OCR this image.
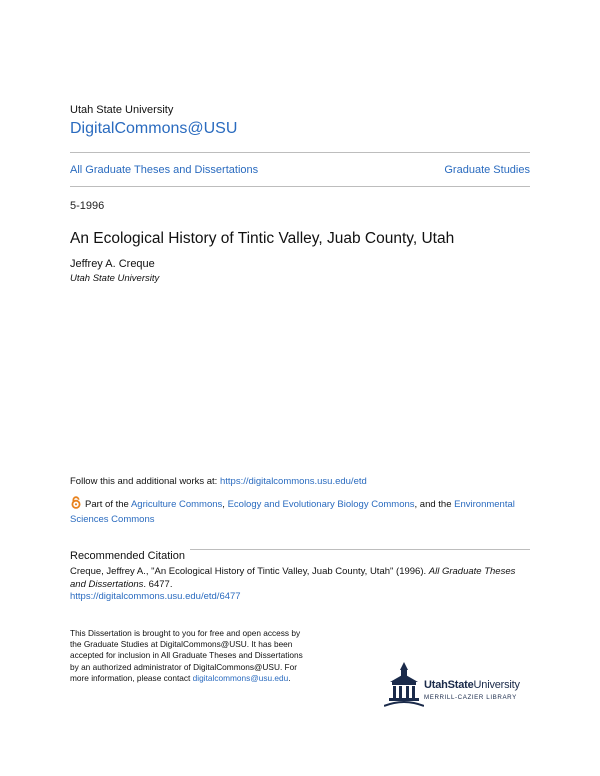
Utah State University
DigitalCommons@USU
All Graduate Theses and Dissertations	Graduate Studies
5-1996
An Ecological History of Tintic Valley, Juab County, Utah
Jeffrey A. Creque
Utah State University
Follow this and additional works at: https://digitalcommons.usu.edu/etd
Part of the Agriculture Commons, Ecology and Evolutionary Biology Commons, and the Environmental Sciences Commons
Recommended Citation
Creque, Jeffrey A., "An Ecological History of Tintic Valley, Juab County, Utah" (1996). All Graduate Theses and Dissertations. 6477.
https://digitalcommons.usu.edu/etd/6477
This Dissertation is brought to you for free and open access by the Graduate Studies at DigitalCommons@USU. It has been accepted for inclusion in All Graduate Theses and Dissertations by an authorized administrator of DigitalCommons@USU. For more information, please contact digitalcommons@usu.edu.
UtahStateUniversity
MERRILL-CAZIER LIBRARY
